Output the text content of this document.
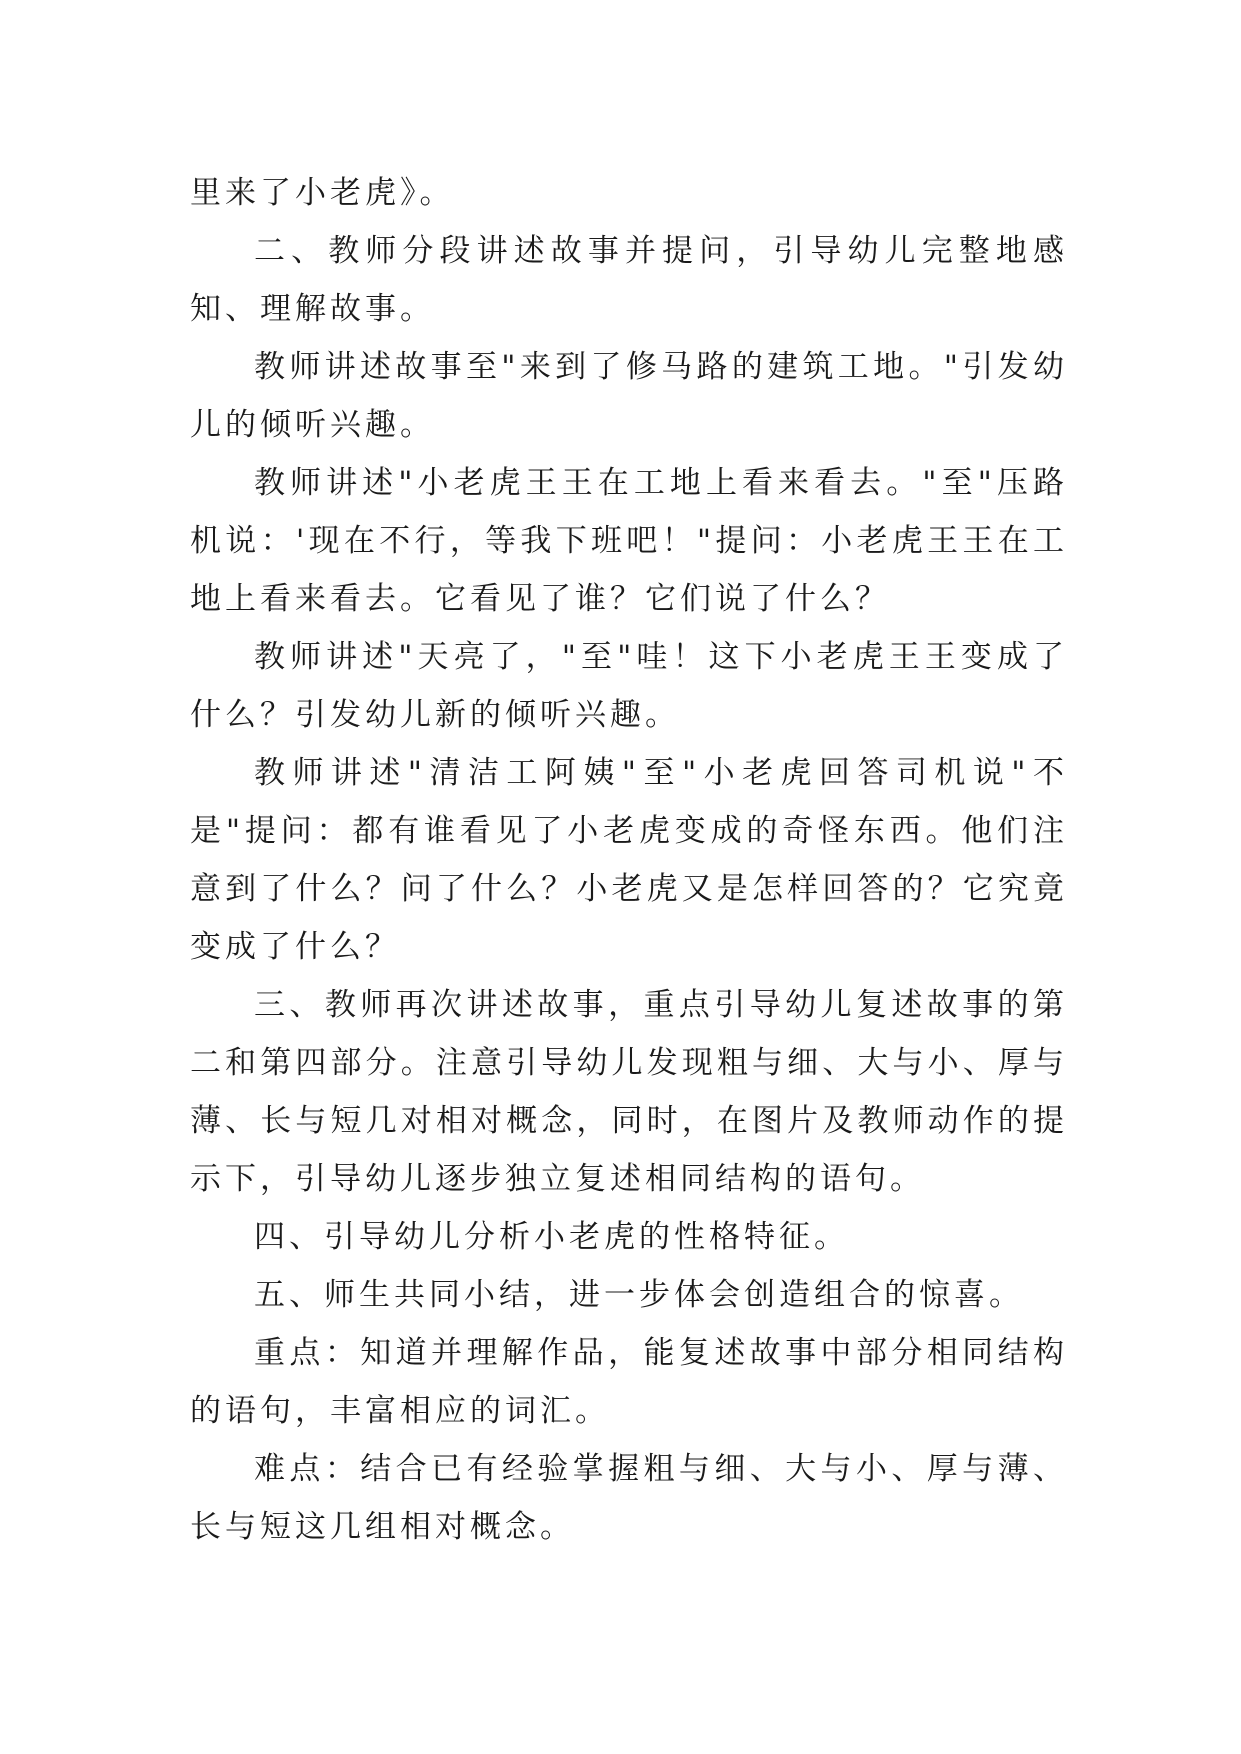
里来了小老虎》。

二、教师分段讲述故事并提问，引导幼儿完整地感知、理解故事。

教师讲述故事至"来到了修马路的建筑工地。"引发幼儿的倾听兴趣。

教师讲述"小老虎王王在工地上看来看去。"至"压路机说：'现在不行，等我下班吧！"提问：小老虎王王在工地上看来看去。它看见了谁？它们说了什么？

教师讲述"天亮了，"至"哇！这下小老虎王王变成了什么？引发幼儿新的倾听兴趣。

教师讲述"清洁工阿姨"至"小老虎回答司机说"不是"提问：都有谁看见了小老虎变成的奇怪东西。他们注意到了什么？问了什么？小老虎又是怎样回答的？它究竟变成了什么？

三、教师再次讲述故事，重点引导幼儿复述故事的第二和第四部分。注意引导幼儿发现粗与细、大与小、厚与薄、长与短几对相对概念，同时，在图片及教师动作的提示下，引导幼儿逐步独立复述相同结构的语句。

四、引导幼儿分析小老虎的性格特征。

五、师生共同小结，进一步体会创造组合的惊喜。

重点：知道并理解作品，能复述故事中部分相同结构的语句，丰富相应的词汇。

难点：结合已有经验掌握粗与细、大与小、厚与薄、长与短这几组相对概念。
